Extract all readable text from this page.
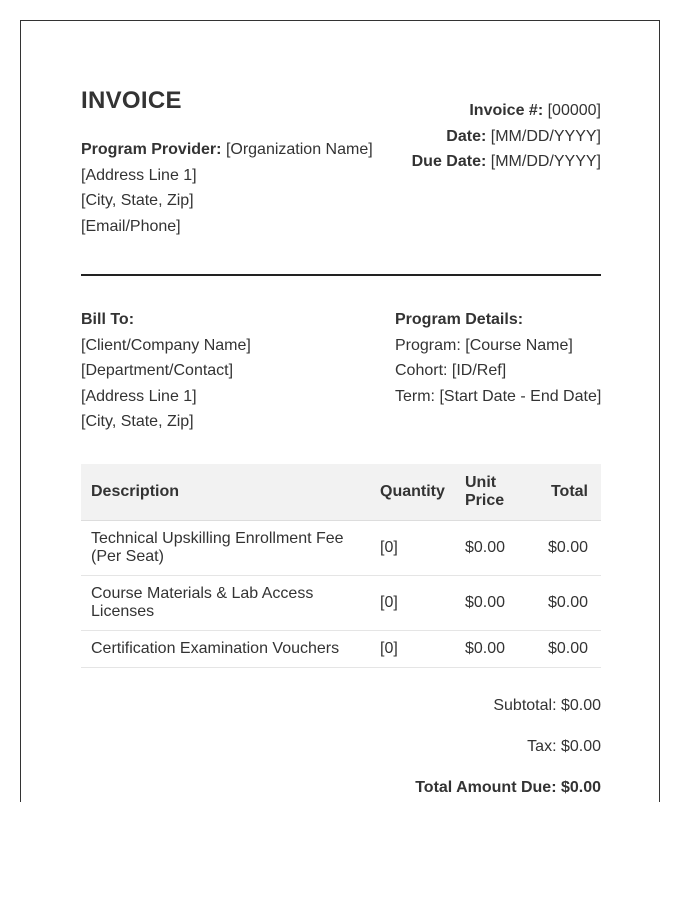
INVOICE
Program Provider: [Organization Name]
[Address Line 1]
[City, State, Zip]
[Email/Phone]
Invoice #: [00000]
Date: [MM/DD/YYYY]
Due Date: [MM/DD/YYYY]
Bill To:
[Client/Company Name]
[Department/Contact]
[Address Line 1]
[City, State, Zip]
Program Details:
Program: [Course Name]
Cohort: [ID/Ref]
Term: [Start Date - End Date]
Description	Quantity	Unit Price	Total
Technical Upskilling Enrollment Fee (Per Seat)	[0]	$0.00	$0.00
Course Materials & Lab Access Licenses	[0]	$0.00	$0.00
Certification Examination Vouchers	[0]	$0.00	$0.00
Subtotal: $0.00
Tax: $0.00
Total Amount Due: $0.00
